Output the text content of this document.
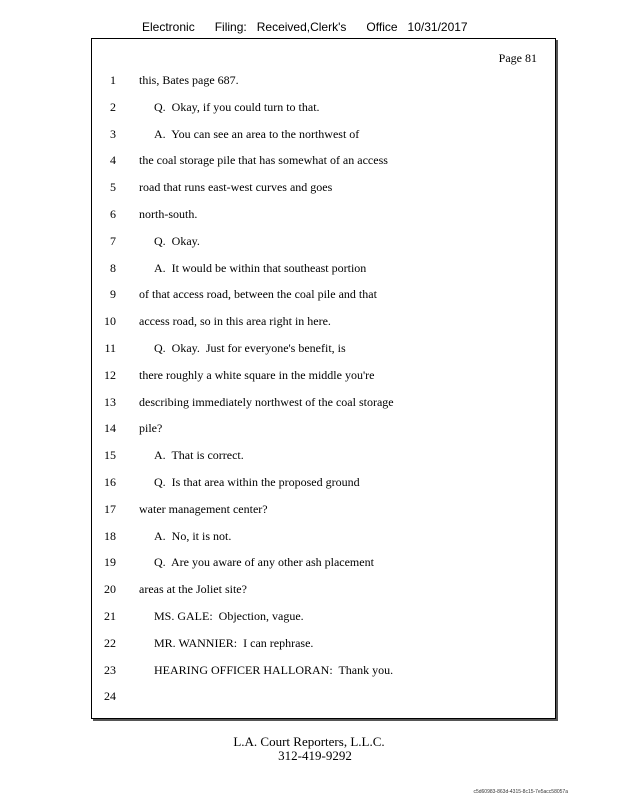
Electronic Filing: Received,Clerk's Office 10/31/2017
Page 81
1 this, Bates page 687.
2	Q.  Okay, if you could turn to that.
3	A.  You can see an area to the northwest of
4 the coal storage pile that has somewhat of an access
5 road that runs east-west curves and goes
6 north-south.
7	Q.  Okay.
8	A.  It would be within that southeast portion
9 of that access road, between the coal pile and that
10 access road, so in this area right in here.
11	Q.  Okay.  Just for everyone's benefit, is
12 there roughly a white square in the middle you're
13 describing immediately northwest of the coal storage
14 pile?
15	A.  That is correct.
16	Q.  Is that area within the proposed ground
17 water management center?
18	A.  No, it is not.
19	Q.  Are you aware of any other ash placement
20 areas at the Joliet site?
21	MS. GALE:  Objection, vague.
22	MR. WANNIER:  I can rephrase.
23	HEARING OFFICER HALLORAN:  Thank you.
24
L.A. Court Reporters, L.L.C.
312-419-9292
c5d60983-863d-4315-8c15-7e5acc58057a
